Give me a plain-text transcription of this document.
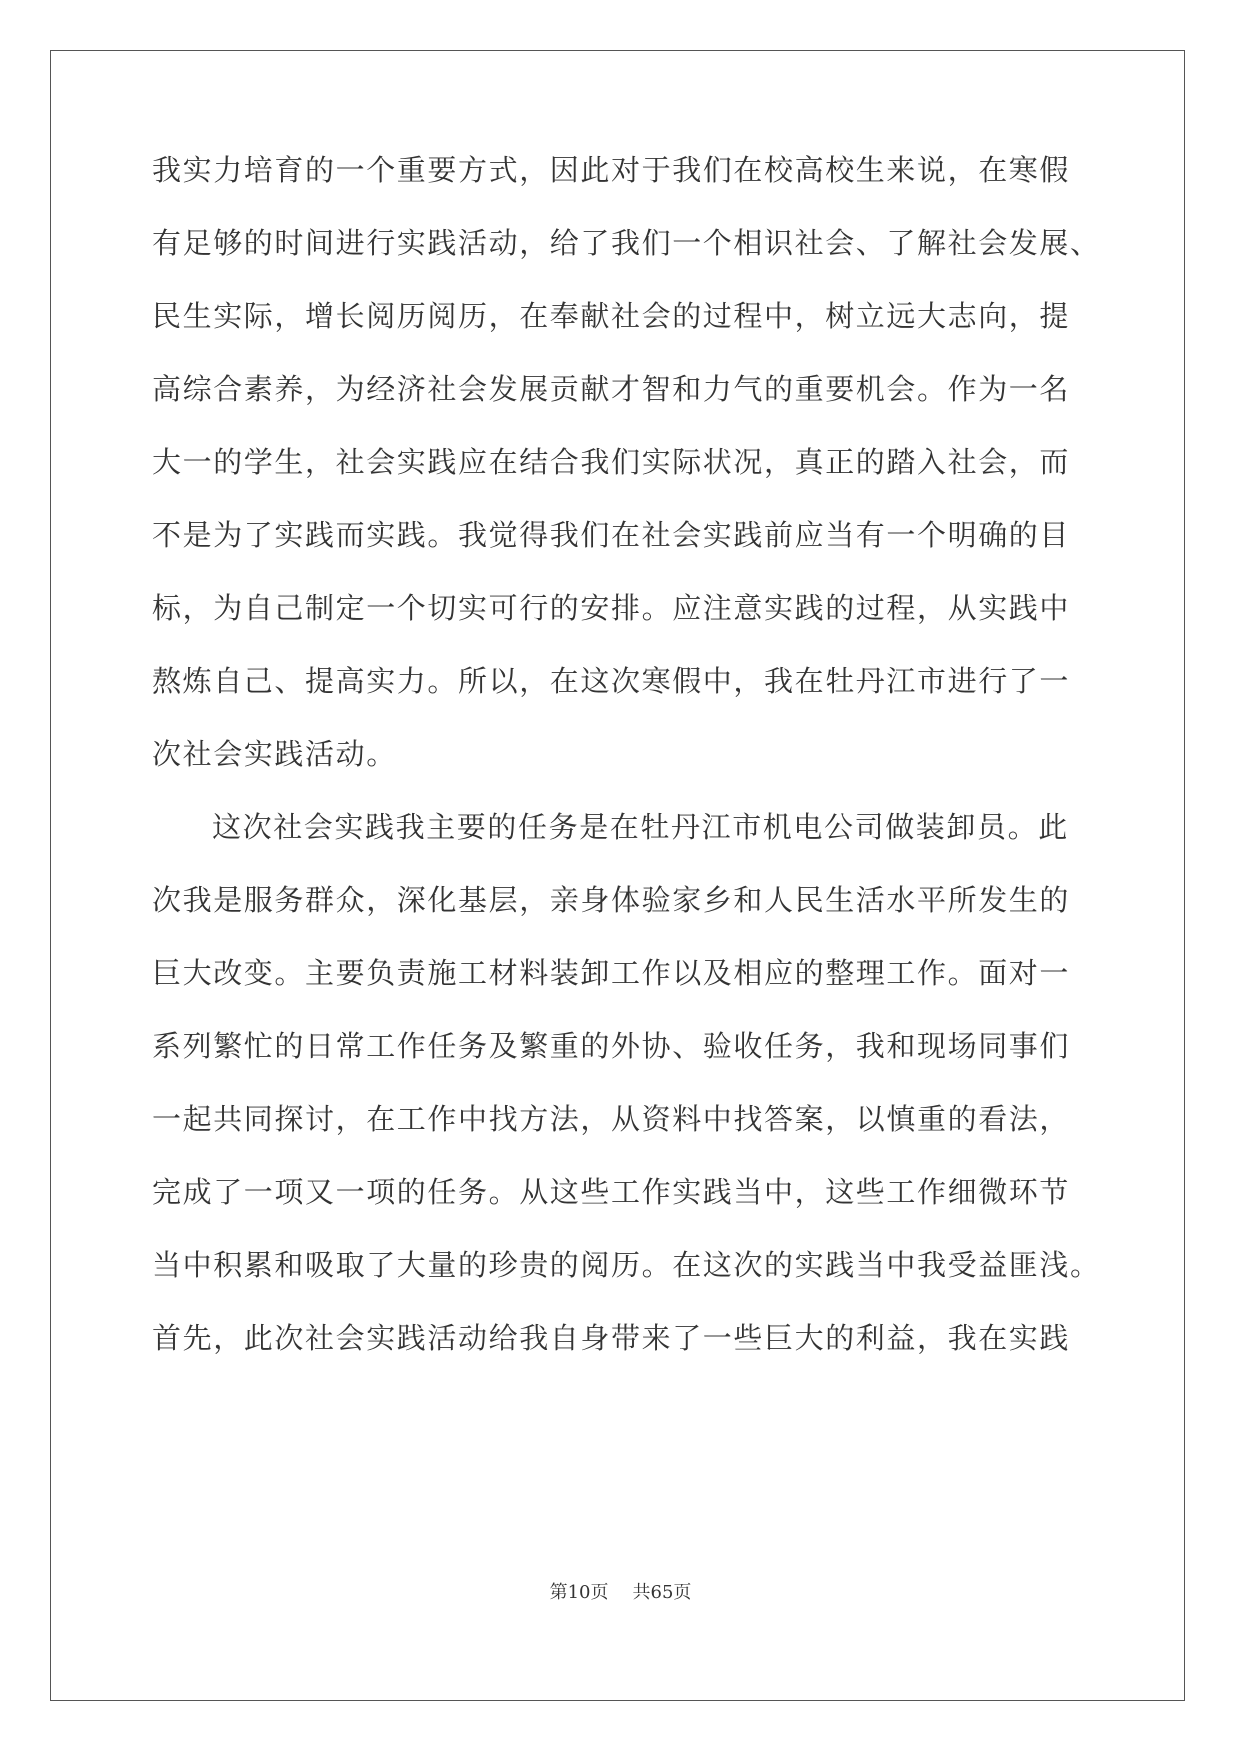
我实力培育的一个重要方式，因此对于我们在校高校生来说，在寒假
有足够的时间进行实践活动，给了我们一个相识社会、了解社会发展、
民生实际，增长阅历阅历，在奉献社会的过程中，树立远大志向，提
高综合素养，为经济社会发展贡献才智和力气的重要机会。作为一名
大一的学生，社会实践应在结合我们实际状况，真正的踏入社会，而
不是为了实践而实践。我觉得我们在社会实践前应当有一个明确的目
标，为自己制定一个切实可行的安排。应注意实践的过程，从实践中
熬炼自己、提高实力。所以，在这次寒假中，我在牡丹江市进行了一
次社会实践活动。
这次社会实践我主要的任务是在牡丹江市机电公司做装卸员。此
次我是服务群众，深化基层，亲身体验家乡和人民生活水平所发生的
巨大改变。主要负责施工材料装卸工作以及相应的整理工作。面对一
系列繁忙的日常工作任务及繁重的外协、验收任务，我和现场同事们
一起共同探讨，在工作中找方法，从资料中找答案，以慎重的看法，
完成了一项又一项的任务。从这些工作实践当中，这些工作细微环节
当中积累和吸取了大量的珍贵的阅历。在这次的实践当中我受益匪浅。
首先，此次社会实践活动给我自身带来了一些巨大的利益，我在实践
第10页 共65页
